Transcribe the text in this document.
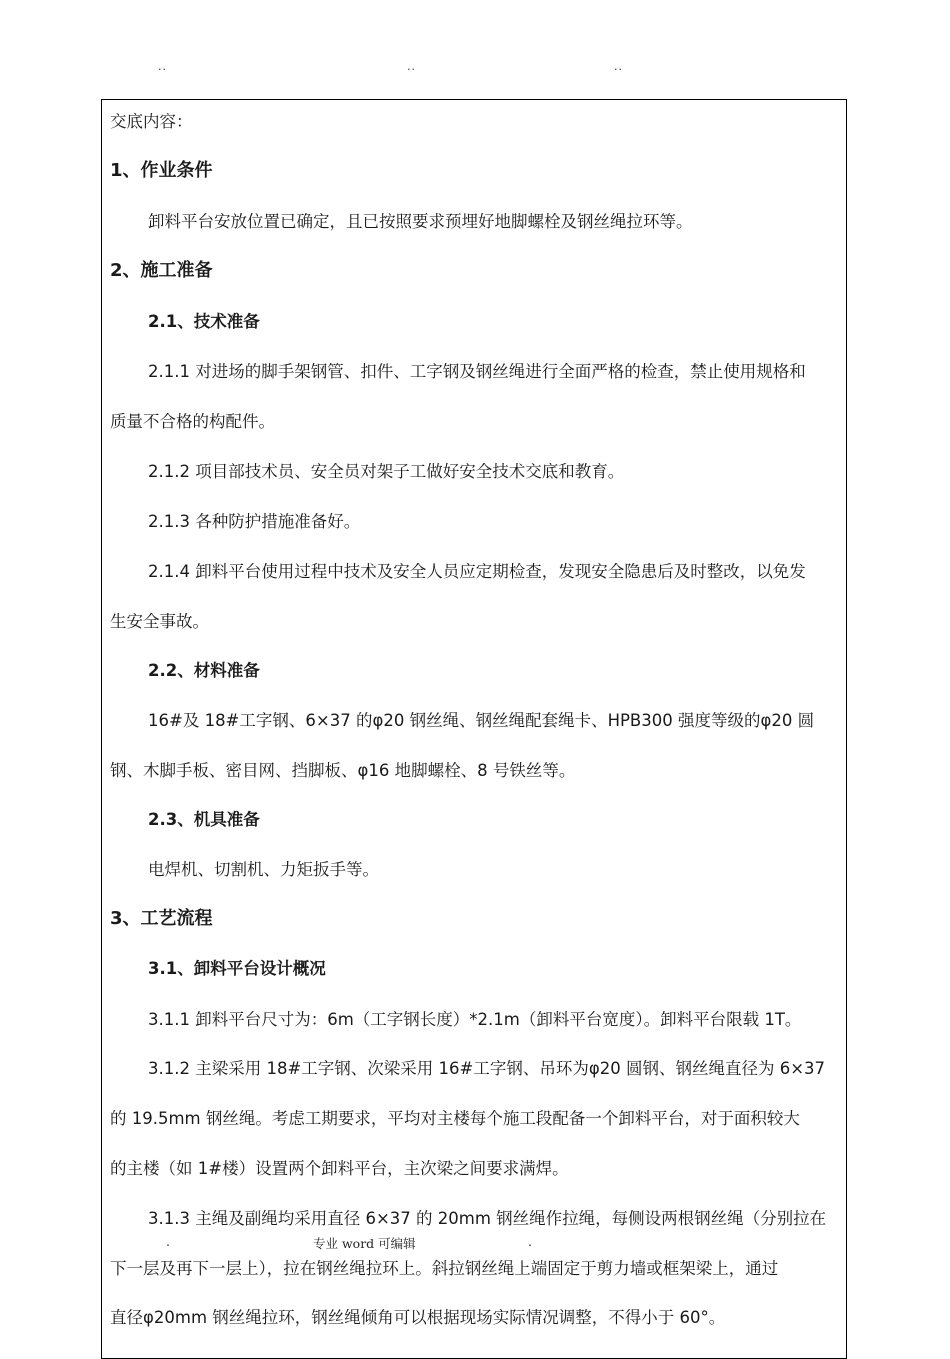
..	..	..
交底内容：
1、作业条件
卸料平台安放位置已确定，且已按照要求预埋好地脚螺栓及钢丝绳拉环等。
2、施工准备
2.1、技术准备
2.1.1 对进场的脚手架钢管、扣件、工字钢及钢丝绳进行全面严格的检查，禁止使用规格和
质量不合格的构配件。
2.1.2 项目部技术员、安全员对架子工做好安全技术交底和教育。
2.1.3 各种防护措施准备好。
2.1.4 卸料平台使用过程中技术及安全人员应定期检查，发现安全隐患后及时整改，以免发
生安全事故。
2.2、材料准备
16#及 18#工字钢、6×37 的φ20 钢丝绳、钢丝绳配套绳卡、HPB300 强度等级的φ20 圆
钢、木脚手板、密目网、挡脚板、φ16 地脚螺栓、8 号铁丝等。
2.3、机具准备
电焊机、切割机、力矩扳手等。
3、工艺流程
3.1、卸料平台设计概况
3.1.1 卸料平台尺寸为：6m（工字钢长度）*2.1m（卸料平台宽度）。卸料平台限载 1T。
3.1.2 主梁采用 18#工字钢、次梁采用 16#工字钢、吊环为φ20 圆钢、钢丝绳直径为 6×37
的 19.5mm 钢丝绳。考虑工期要求，平均对主楼每个施工段配备一个卸料平台，对于面积较大
的主楼（如 1#楼）设置两个卸料平台，主次梁之间要求满焊。
3.1.3 主绳及副绳均采用直径 6×37 的 20mm 钢丝绳作拉绳，每侧设两根钢丝绳（分别拉在
下一层及再下一层上），拉在钢丝绳拉环上。斜拉钢丝绳上端固定于剪力墙或框架梁上，通过
直径φ20mm 钢丝绳拉环，钢丝绳倾角可以根据现场实际情况调整，不得小于 60°。
.	专业 word 可编辑	.
